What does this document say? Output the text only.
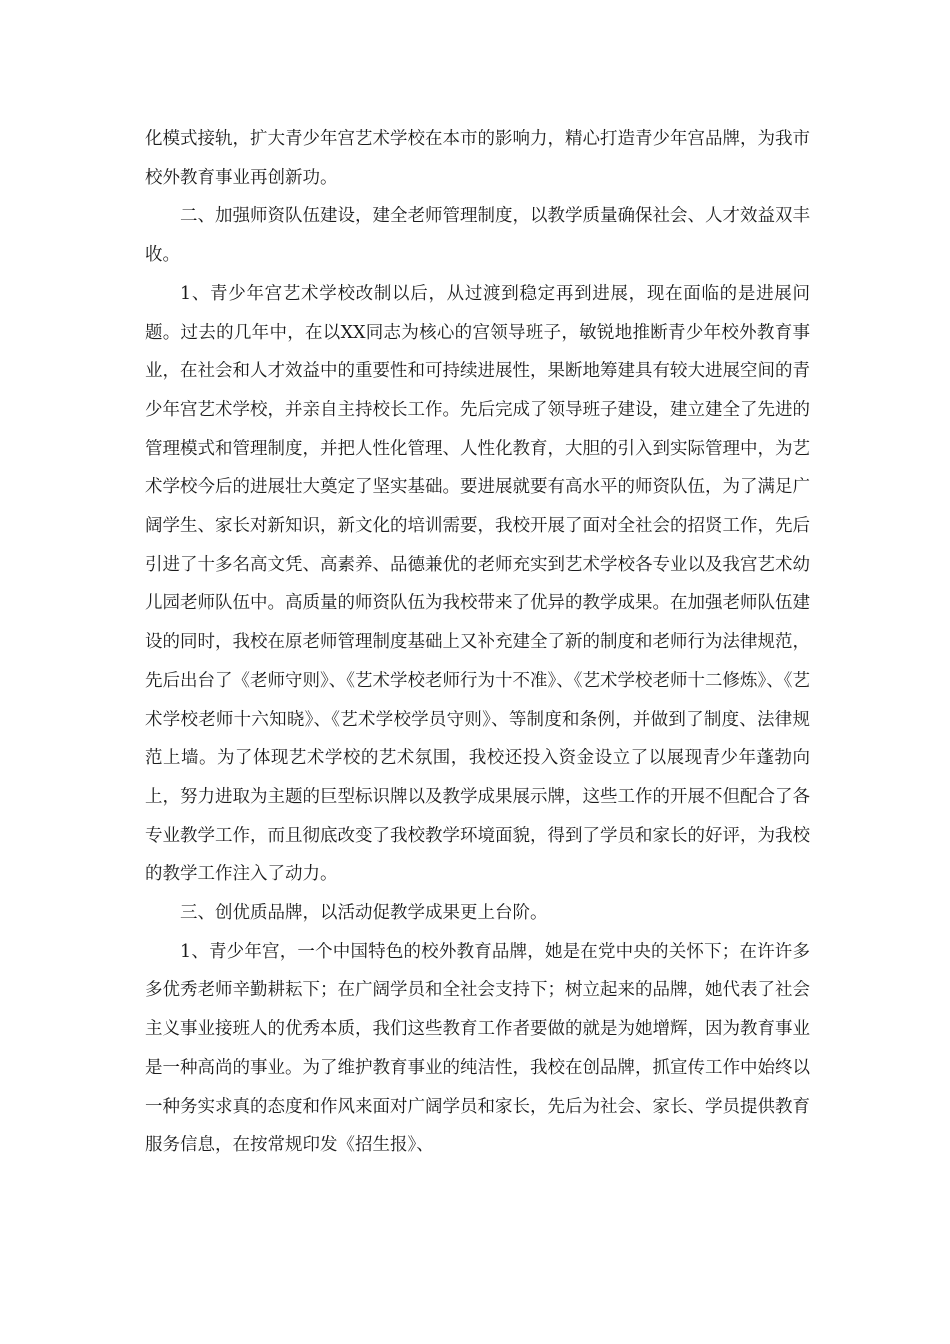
化模式接轨，扩大青少年宫艺术学校在本市的影响力，精心打造青少年宫品牌，为我市校外教育事业再创新功。

二、加强师资队伍建设，建全老师管理制度，以教学质量确保社会、人才效益双丰收。

1、青少年宫艺术学校改制以后，从过渡到稳定再到进展，现在面临的是进展问题。过去的几年中，在以XX同志为核心的宫领导班子，敏锐地推断青少年校外教育事业，在社会和人才效益中的重要性和可持续进展性，果断地筹建具有较大进展空间的青少年宫艺术学校，并亲自主持校长工作。先后完成了领导班子建设，建立建全了先进的管理模式和管理制度，并把人性化管理、人性化教育，大胆的引入到实际管理中，为艺术学校今后的进展壮大奠定了坚实基础。要进展就要有高水平的师资队伍，为了满足广阔学生、家长对新知识，新文化的培训需要，我校开展了面对全社会的招贤工作，先后引进了十多名高文凭、高素养、品德兼优的老师充实到艺术学校各专业以及我宫艺术幼儿园老师队伍中。高质量的师资队伍为我校带来了优异的教学成果。在加强老师队伍建设的同时，我校在原老师管理制度基础上又补充建全了新的制度和老师行为法律规范，先后出台了《老师守则》、《艺术学校老师行为十不准》、《艺术学校老师十二修炼》、《艺术学校老师十六知晓》、《艺术学校学员守则》、等制度和条例，并做到了制度、法律规范上墙。为了体现艺术学校的艺术氛围，我校还投入资金设立了以展现青少年蓬勃向上，努力进取为主题的巨型标识牌以及教学成果展示牌，这些工作的开展不但配合了各专业教学工作，而且彻底改变了我校教学环境面貌，得到了学员和家长的好评，为我校的教学工作注入了动力。

三、创优质品牌，以活动促教学成果更上台阶。

1、青少年宫，一个中国特色的校外教育品牌，她是在党中央的关怀下；在许许多多优秀老师辛勤耕耘下；在广阔学员和全社会支持下；树立起来的品牌，她代表了社会主义事业接班人的优秀本质，我们这些教育工作者要做的就是为她增辉，因为教育事业是一种高尚的事业。为了维护教育事业的纯洁性，我校在创品牌，抓宣传工作中始终以一种务实求真的态度和作风来面对广阔学员和家长，先后为社会、家长、学员提供教育服务信息，在按常规印发《招生报》、
